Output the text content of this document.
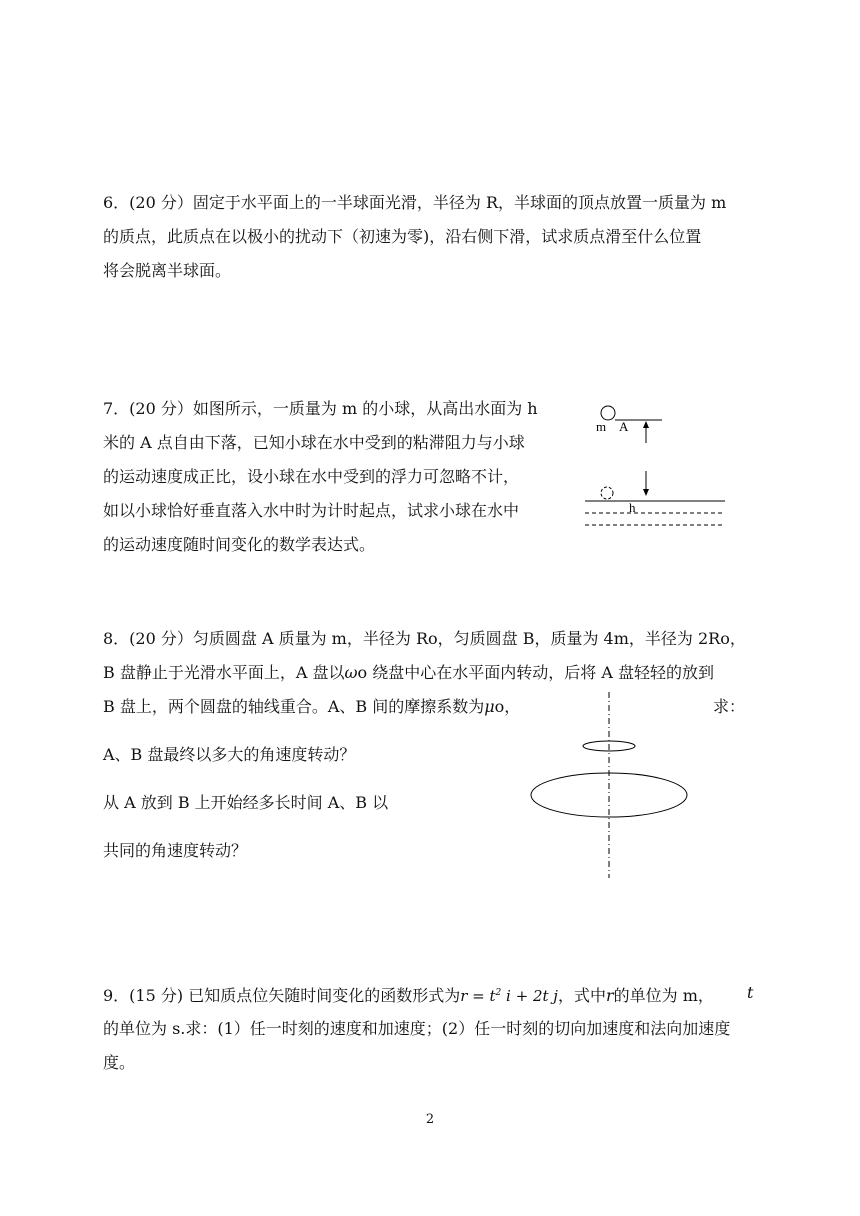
6．(20 分）固定于水平面上的一半球面光滑，半径为 R，半球面的顶点放置一质量为 m
的质点，此质点在以极小的扰动下（初速为零)，沿右侧下滑，试求质点滑至什么位置
将会脱离半球面。
7．(20 分）如图所示，一质量为 m 的小球，从高出水面为 h
米的 A 点自由下落，已知小球在水中受到的粘滞阻力与小球
的运动速度成正比，设小球在水中受到的浮力可忽略不计，
如以小球恰好垂直落入水中时为计时起点，试求小球在水中
的运动速度随时间变化的数学表达式。
m A
h
8．(20 分）匀质圆盘 A 质量为 m，半径为 Ro，匀质圆盘 B，质量为 4m，半径为 2Ro，
B 盘静止于光滑水平面上，A 盘以ωo 绕盘中心在水平面内转动，后将 A 盘轻轻的放到
B 盘上，两个圆盘的轴线重合。A、B 间的摩擦系数为μo，	求：
A、B 盘最终以多大的角速度转动？
从 A 放到 B 上开始经多长时间 A、B 以
共同的角速度转动？
9．(15 分) 已知质点位矢随时间变化的函数形式为$r = t^2$ i + 2t j，式中r的单位为 m， t
的单位为 s.求：(1）任一时刻的速度和加速度；(2）任一时刻的切向加速度和法向加速度
度。
2
